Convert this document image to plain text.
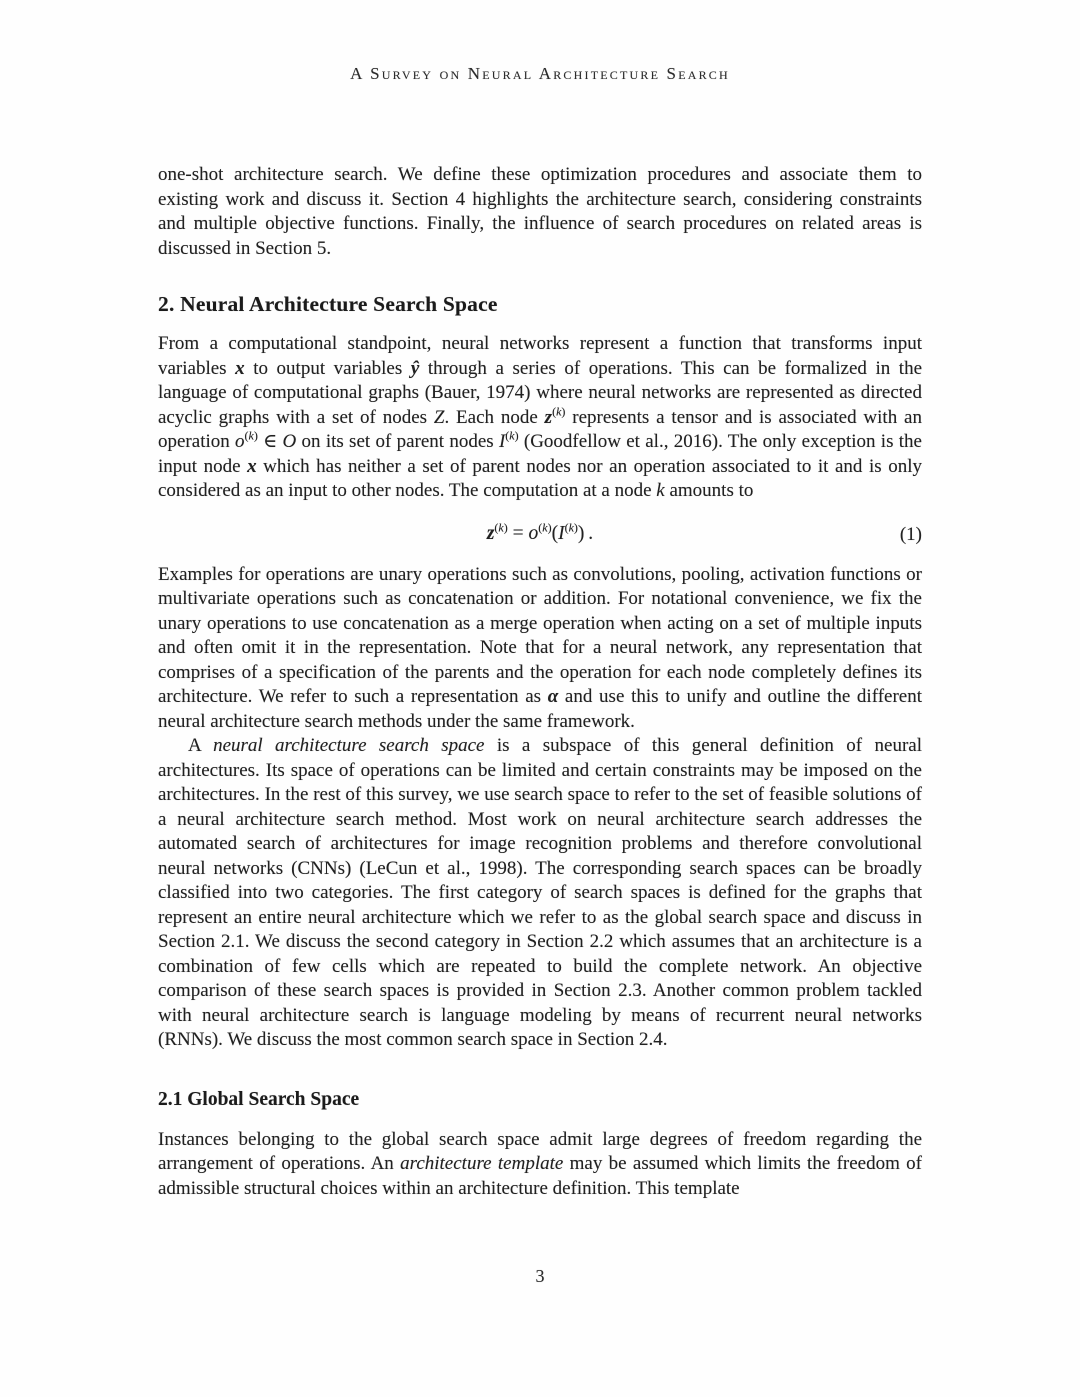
A Survey on Neural Architecture Search

one-shot architecture search. We define these optimization procedures and associate them to existing work and discuss it. Section 4 highlights the architecture search, considering constraints and multiple objective functions. Finally, the influence of search procedures on related areas is discussed in Section 5.

2. Neural Architecture Search Space

From a computational standpoint, neural networks represent a function that transforms input variables x to output variables ŷ through a series of operations. This can be formalized in the language of computational graphs (Bauer, 1974) where neural networks are represented as directed acyclic graphs with a set of nodes Z. Each node $z^{(k)}$ represents a tensor and is associated with an operation $o^{(k)}$ ∈ O on its set of parent nodes $I^{(k)}$ (Goodfellow et al., 2016). The only exception is the input node x which has neither a set of parent nodes nor an operation associated to it and is only considered as an input to other nodes. The computation at a node k amounts to

$z^{(k)} = o^{(k)}(I^{(k)})$ .	(1)

Examples for operations are unary operations such as convolutions, pooling, activation functions or multivariate operations such as concatenation or addition. For notational convenience, we fix the unary operations to use concatenation as a merge operation when acting on a set of multiple inputs and often omit it in the representation. Note that for a neural network, any representation that comprises of a specification of the parents and the operation for each node completely defines its architecture. We refer to such a representation as α and use this to unify and outline the different neural architecture search methods under the same framework.

A neural architecture search space is a subspace of this general definition of neural architectures. Its space of operations can be limited and certain constraints may be imposed on the architectures. In the rest of this survey, we use search space to refer to the set of feasible solutions of a neural architecture search method. Most work on neural architecture search addresses the automated search of architectures for image recognition problems and therefore convolutional neural networks (CNNs) (LeCun et al., 1998). The corresponding search spaces can be broadly classified into two categories. The first category of search spaces is defined for the graphs that represent an entire neural architecture which we refer to as the global search space and discuss in Section 2.1. We discuss the second category in Section 2.2 which assumes that an architecture is a combination of few cells which are repeated to build the complete network. An objective comparison of these search spaces is provided in Section 2.3. Another common problem tackled with neural architecture search is language modeling by means of recurrent neural networks (RNNs). We discuss the most common search space in Section 2.4.

2.1 Global Search Space

Instances belonging to the global search space admit large degrees of freedom regarding the arrangement of operations. An architecture template may be assumed which limits the freedom of admissible structural choices within an architecture definition. This template

3
